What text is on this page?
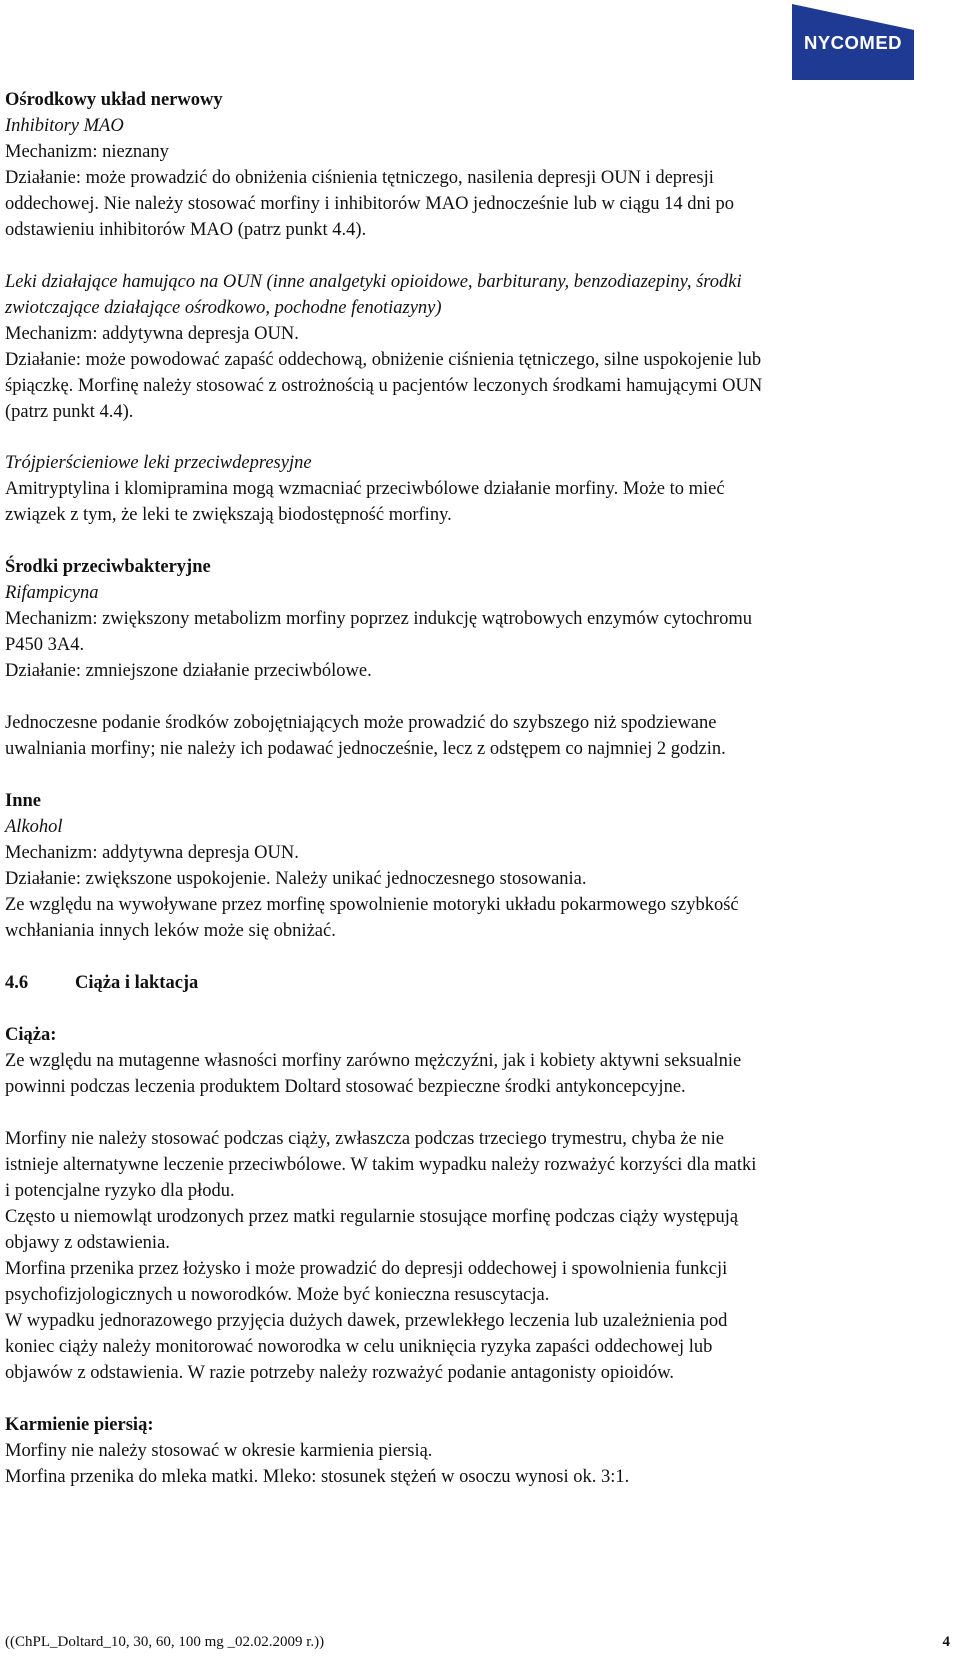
NYCOMED
Ośrodkowy układ nerwowy
Inhibitory MAO
Mechanizm: nieznany
Działanie: może prowadzić do obniżenia ciśnienia tętniczego, nasilenia depresji OUN i depresji
oddechowej. Nie należy stosować morfiny i inhibitorów MAO jednocześnie lub w ciągu 14 dni po
odstawieniu inhibitorów MAO (patrz punkt 4.4).
Leki działające hamująco na OUN (inne analgetyki opioidowe, barbiturany, benzodiazepiny, środki
zwiotczające działające ośrodkowo, pochodne fenotiazyny)
Mechanizm: addytywna depresja OUN.
Działanie: może powodować zapaść oddechową, obniżenie ciśnienia tętniczego, silne uspokojenie lub
śpiączkę. Morfinę należy stosować z ostrożnością u pacjentów leczonych środkami hamującymi OUN
(patrz punkt 4.4).
Trójpierścieniowe leki przeciwdepresyjne
Amitryptylina i klomipramina mogą wzmacniać przeciwbólowe działanie morfiny. Może to mieć
związek z tym, że leki te zwiększają biodostępność morfiny.
Środki przeciwbakteryjne
Rifampicyna
Mechanizm: zwiększony metabolizm morfiny poprzez indukcję wątrobowych enzymów cytochromu
P450 3A4.
Działanie: zmniejszone działanie przeciwbólowe.
Jednoczesne podanie środków zobojętniających może prowadzić do szybszego niż spodziewane
uwalniania morfiny; nie należy ich podawać jednocześnie, lecz z odstępem co najmniej 2 godzin.
Inne
Alkohol
Mechanizm: addytywna depresja OUN.
Działanie: zwiększone uspokojenie. Należy unikać jednoczesnego stosowania.
Ze względu na wywoływane przez morfinę spowolnienie motoryki układu pokarmowego szybkość
wchłaniania innych leków może się obniżać.
4.6	Ciąża i laktacja
Ciąża:
Ze względu na mutagenne własności morfiny zarówno mężczyźni, jak i kobiety aktywni seksualnie
powinni podczas leczenia produktem Doltard stosować bezpieczne środki antykoncepcyjne.
Morfiny nie należy stosować podczas ciąży, zwłaszcza podczas trzeciego trymestru, chyba że nie
istnieje alternatywne leczenie przeciwbólowe. W takim wypadku należy rozważyć korzyści dla matki
i potencjalne ryzyko dla płodu.
Często u niemowląt urodzonych przez matki regularnie stosujące morfinę podczas ciąży występują
objawy z odstawienia.
Morfina przenika przez łożysko i może prowadzić do depresji oddechowej i spowolnienia funkcji
psychofizjologicznych u noworodków. Może być konieczna resuscytacja.
W wypadku jednorazowego przyjęcia dużych dawek, przewlekłego leczenia lub uzależnienia pod
koniec ciąży należy monitorować noworodka w celu uniknięcia ryzyka zapaści oddechowej lub
objawów z odstawienia. W razie potrzeby należy rozważyć podanie antagonisty opioidów.
Karmienie piersią:
Morfiny nie należy stosować w okresie karmienia piersią.
Morfina przenika do mleka matki. Mleko: stosunek stężeń w osoczu wynosi ok. 3:1.
((ChPL_Doltard_10, 30, 60, 100 mg _02.02.2009 r.))	4
